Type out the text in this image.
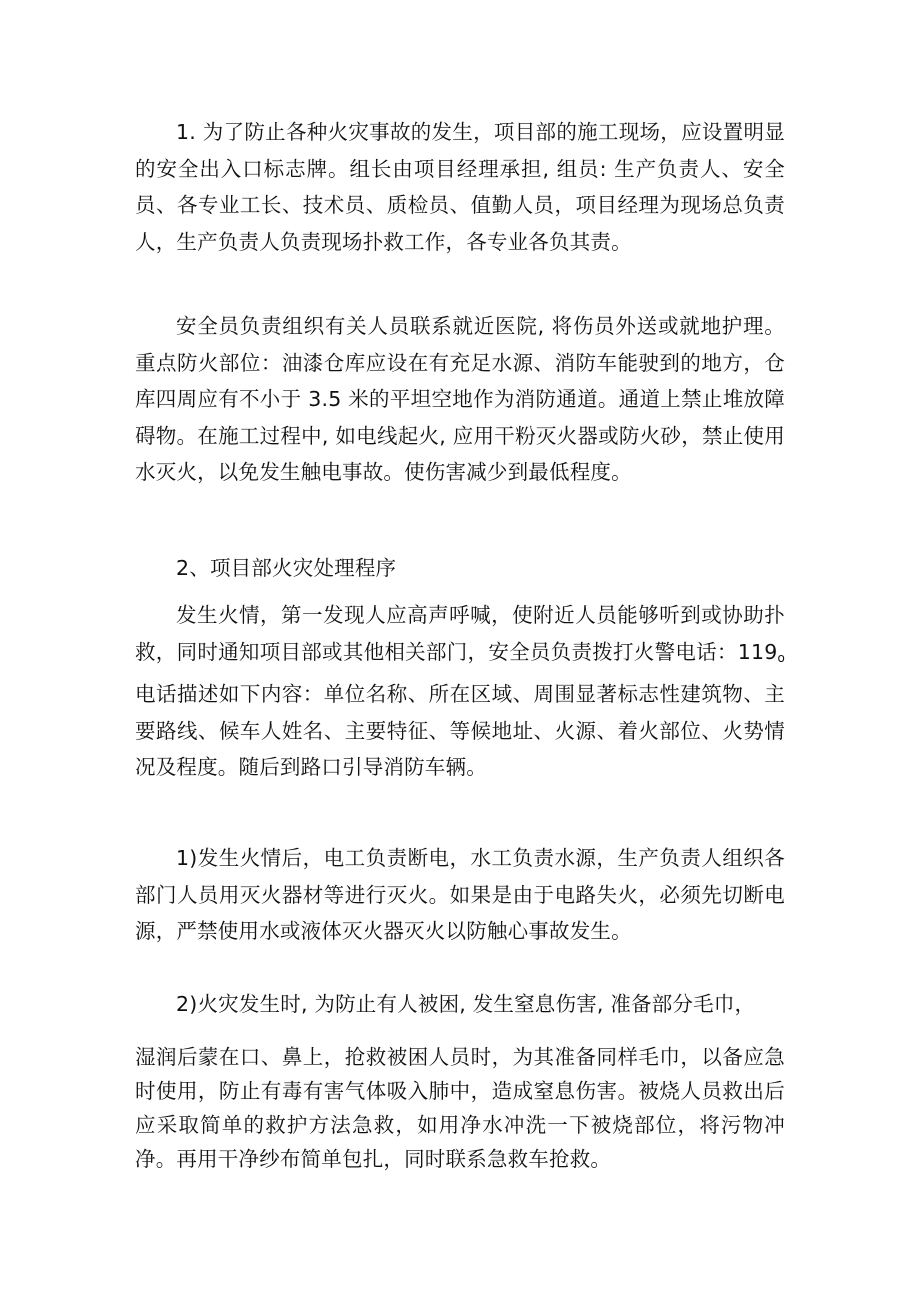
1. 为了防止各种火灾事故的发生，项目部的施工现场，应设置明显的安全出入口标志牌。组长由项目经理承担, 组员: 生产负责人、安全员、各专业工长、技术员、质检员、值勤人员，项目经理为现场总负责人，生产负责人负责现场扑救工作，各专业各负其责。

安全员负责组织有关人员联系就近医院, 将伤员外送或就地护理。重点防火部位：油漆仓库应设在有充足水源、消防车能驶到的地方，仓库四周应有不小于 3.5 米的平坦空地作为消防通道。通道上禁止堆放障碍物。在施工过程中, 如电线起火, 应用干粉灭火器或防火砂，禁止使用水灭火，以免发生触电事故。使伤害减少到最低程度。

2、项目部火灾处理程序

发生火情，第一发现人应高声呼喊，使附近人员能够听到或协助扑救，同时通知项目部或其他相关部门，安全员负责拨打火警电话：$119_o$电话描述如下内容：单位名称、所在区域、周围显著标志性建筑物、主要路线、候车人姓名、主要特征、等候地址、火源、着火部位、火势情况及程度。随后到路口引导消防车辆。

1)发生火情后，电工负责断电，水工负责水源，生产负责人组织各部门人员用灭火器材等进行灭火。如果是由于电路失火，必须先切断电源，严禁使用水或液体灭火器灭火以防触心事故发生。

2)火灾发生时, 为防止有人被困, 发生窒息伤害, 准备部分毛巾，

湿润后蒙在口、鼻上，抢救被困人员时，为其准备同样毛巾，以备应急时使用，防止有毒有害气体吸入肺中，造成窒息伤害。被烧人员救出后应采取简单的救护方法急救，如用净水冲洗一下被烧部位，将污物冲净。再用干净纱布简单包扎，同时联系急救车抢救。
